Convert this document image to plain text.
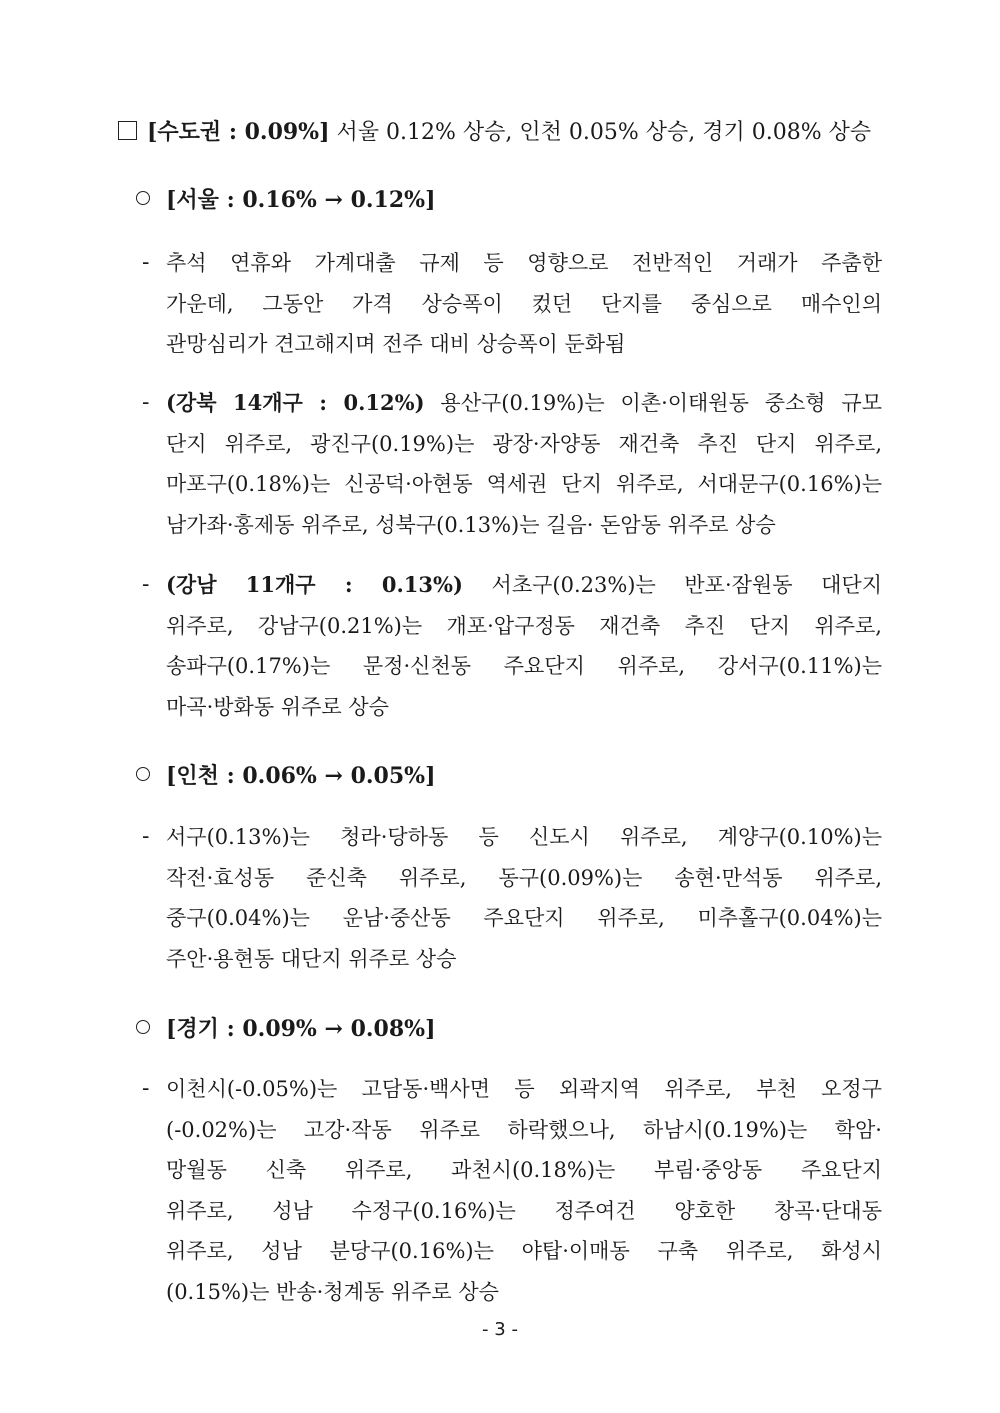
[수도권 : 0.09%] 서울 0.12% 상승, 인천 0.05% 상승, 경기 0.08% 상승
[서울 : 0.16% → 0.12%]
- 추석 연휴와 가계대출 규제 등 영향으로 전반적인 거래가 주춤한
가운데, 그동안 가격 상승폭이 컸던 단지를 중심으로 매수인의
관망심리가 견고해지며 전주 대비 상승폭이 둔화됨
- (강북 14개구 : 0.12%) 용산구(0.19%)는 이촌·이태원동 중소형 규모
단지 위주로, 광진구(0.19%)는 광장·자양동 재건축 추진 단지 위주로,
마포구(0.18%)는 신공덕·아현동 역세권 단지 위주로, 서대문구(0.16%)는
남가좌·홍제동 위주로, 성북구(0.13%)는 길음· 돈암동 위주로 상승
- (강남 11개구 : 0.13%) 서초구(0.23%)는 반포·잠원동 대단지
위주로, 강남구(0.21%)는 개포·압구정동 재건축 추진 단지 위주로,
송파구(0.17%)는 문정·신천동 주요단지 위주로, 강서구(0.11%)는
마곡·방화동 위주로 상승
[인천 : 0.06% → 0.05%]
- 서구(0.13%)는 청라·당하동 등 신도시 위주로, 계양구(0.10%)는
작전·효성동 준신축 위주로, 동구(0.09%)는 송현·만석동 위주로,
중구(0.04%)는 운남·중산동 주요단지 위주로, 미추홀구(0.04%)는
주안·용현동 대단지 위주로 상승
[경기 : 0.09% → 0.08%]
- 이천시(-0.05%)는 고담동·백사면 등 외곽지역 위주로, 부천 오정구
(-0.02%)는 고강·작동 위주로 하락했으나, 하남시(0.19%)는 학암·
망월동 신축 위주로, 과천시(0.18%)는 부림·중앙동 주요단지
위주로, 성남 수정구(0.16%)는 정주여건 양호한 창곡·단대동
위주로, 성남 분당구(0.16%)는 야탑·이매동 구축 위주로, 화성시
(0.15%)는 반송·청계동 위주로 상승
- 3 -
